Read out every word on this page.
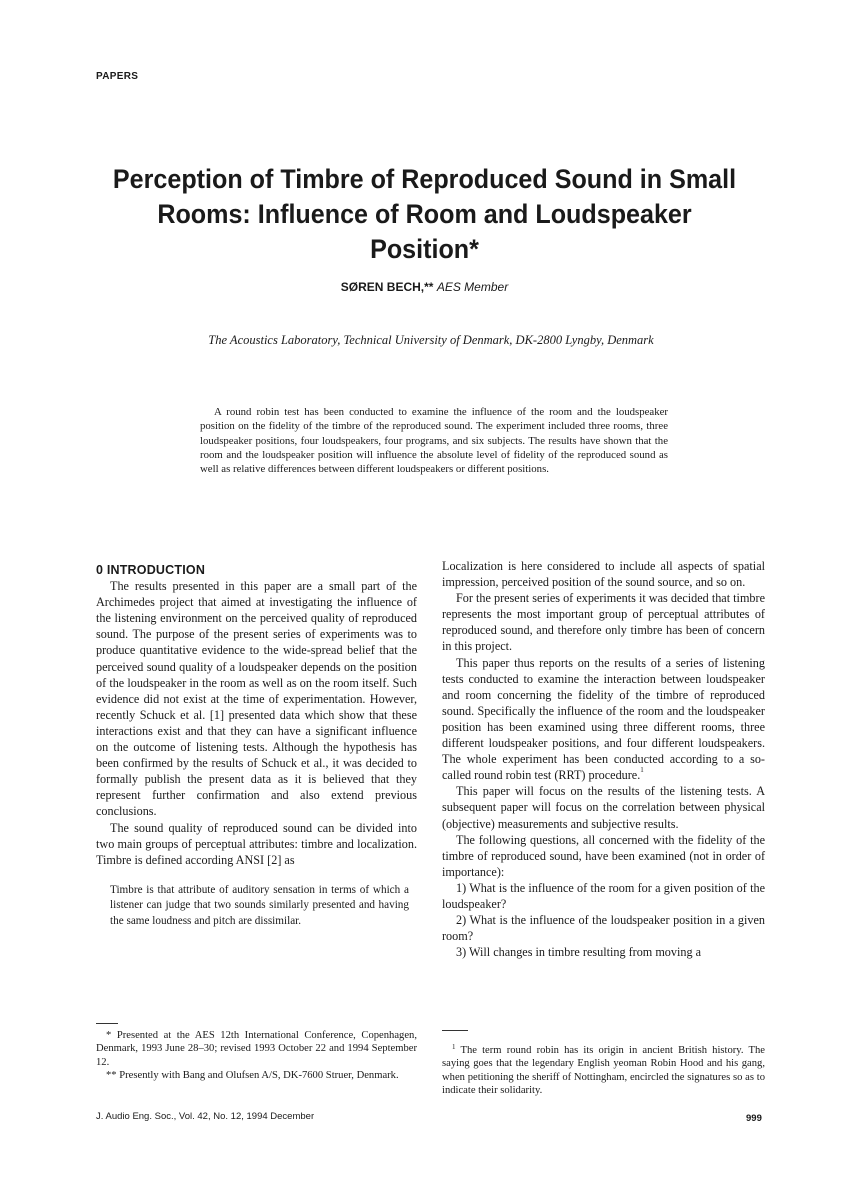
PAPERS
Perception of Timbre of Reproduced Sound in Small
Rooms: Influence of Room and Loudspeaker Position*
SØREN BECH,** AES Member
The Acoustics Laboratory, Technical University of Denmark, DK-2800 Lyngby, Denmark

A round robin test has been conducted to examine the influence of the room and the loudspeaker position on the fidelity of the timbre of the reproduced sound. The experiment included three rooms, three loudspeaker positions, four loudspeakers, four programs, and six subjects. The results have shown that the room and the loudspeaker position will influence the absolute level of fidelity of the reproduced sound as well as relative differences between different loudspeakers or different positions.

0 INTRODUCTION

The results presented in this paper are a small part of the Archimedes project that aimed at investigating the influence of the listening environment on the perceived quality of reproduced sound. The purpose of the present series of experiments was to produce quantitative evidence to the wide-spread belief that the perceived sound quality of a loudspeaker depends on the position of the loudspeaker in the room as well as on the room itself. Such evidence did not exist at the time of experimentation. However, recently Schuck et al. [1] presented data which show that these interactions exist and that they can have a significant influence on the outcome of listening tests. Although the hypothesis has been confirmed by the results of Schuck et al., it was decided to formally publish the present data as it is believed that they represent further confirmation and also extend previous conclusions.

The sound quality of reproduced sound can be divided into two main groups of perceptual attributes: timbre and localization. Timbre is defined according ANSI [2] as

Timbre is that attribute of auditory sensation in terms of which a listener can judge that two sounds similarly presented and having the same loudness and pitch are dissimilar.

Localization is here considered to include all aspects of spatial impression, perceived position of the sound source, and so on.

For the present series of experiments it was decided that timbre represents the most important group of perceptual attributes of reproduced sound, and therefore only timbre has been of concern in this project.

This paper thus reports on the results of a series of listening tests conducted to examine the interaction between loudspeaker and room concerning the fidelity of the timbre of reproduced sound. Specifically the influence of the room and the loudspeaker position has been examined using three different rooms, three different loudspeaker positions, and four different loudspeakers. The whole experiment has been conducted according to a so-called round robin test (RRT) procedure.$^1$

This paper will focus on the results of the listening tests. A subsequent paper will focus on the correlation between physical (objective) measurements and subjective results.

The following questions, all concerned with the fidelity of the timbre of reproduced sound, have been examined (not in order of importance):

1) What is the influence of the room for a given position of the loudspeaker?

2) What is the influence of the loudspeaker position in a given room?

3) Will changes in timbre resulting from moving a

* Presented at the AES 12th International Conference, Copenhagen, Denmark, 1993 June 28–30; revised 1993 October 22 and 1994 September 12.

** Presently with Bang and Olufsen A/S, DK-7600 Struer, Denmark.

$^1$ The term round robin has its origin in ancient British history. The saying goes that the legendary English yeoman Robin Hood and his gang, when petitioning the sheriff of Nottingham, encircled the signatures so as to indicate their solidarity.

J. Audio Eng. Soc., Vol. 42, No. 12, 1994 December	999
